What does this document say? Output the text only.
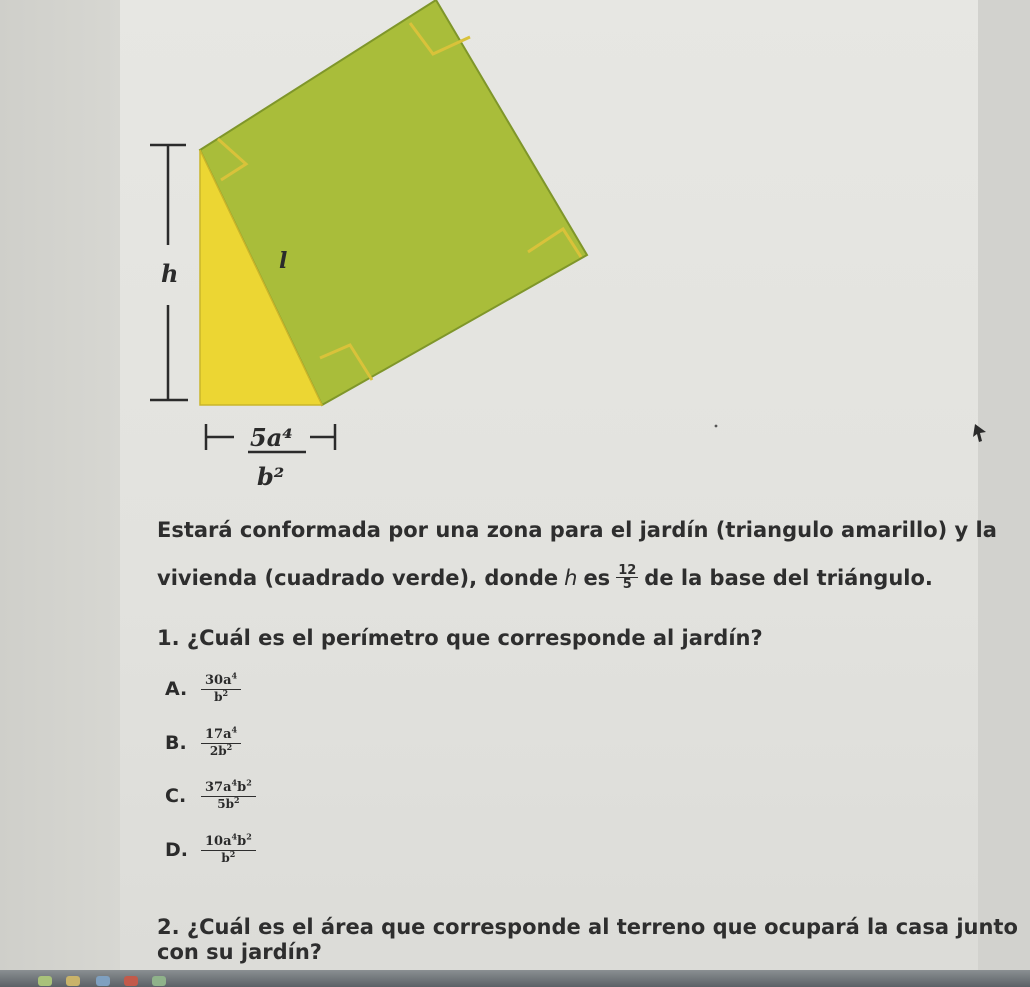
h	l
5a⁴
b²
Estará conformada por una zona para el jardín (triangulo amarillo) y la
vivienda (cuadrado verde), donde h es $\frac{12}{5}$ de la base del triángulo.
1. ¿Cuál es el perímetro que corresponde al jardín?
A.	$\frac{30a^4}{b^2}$
B.	$\frac{17a^4}{2b^2}$
C.	$\frac{37a^4b^2}{5b^2}$
D.	$\frac{10a^4b^2}{b^2}$
2. ¿Cuál es el área que corresponde al terreno que ocupará la casa junto
con su jardín?
